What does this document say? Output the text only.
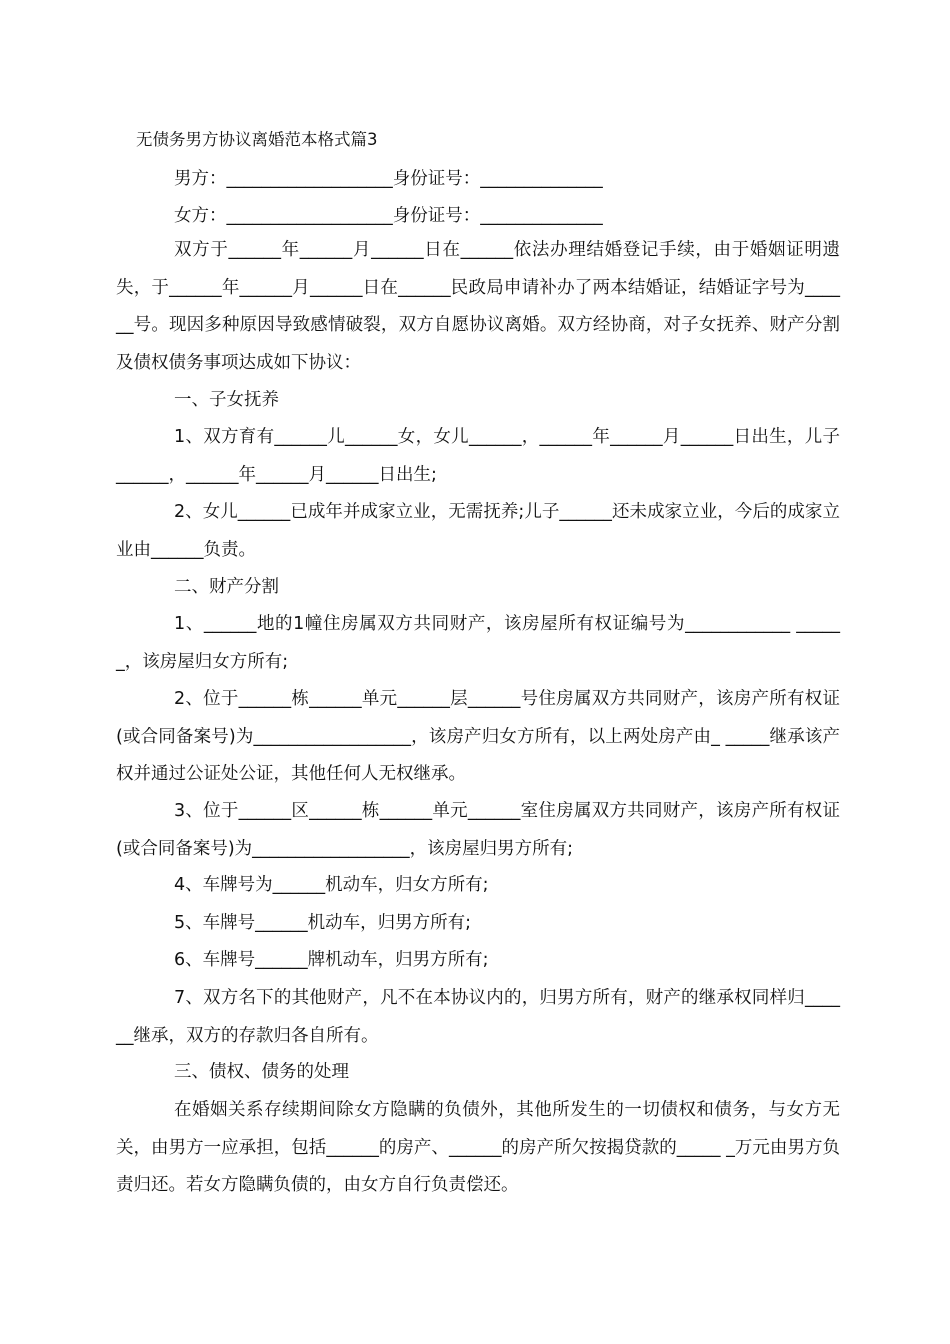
无债务男方协议离婚范本格式篇3
男方：___________________身份证号：______________
女方：___________________身份证号：______________
双方于______年______月______日在______依法办理结婚登记手续，由于婚姻证明遗失，于______年______月______日在______民政局申请补办了两本结婚证，结婚证字号为______号。现因多种原因导致感情破裂，双方自愿协议离婚。双方经协商，对子女抚养、财产分割及债权债务事项达成如下协议：
一、子女抚养
1、双方育有______儿______女，女儿______，______年______月______日出生，儿子______，______年______月______日出生;
2、女儿______已成年并成家立业，无需抚养;儿子______还未成家立业，今后的成家立业由______负责。
二、财产分割
1、______地的1幢住房属双方共同财产，该房屋所有权证编号为____________ ______，该房屋归女方所有;
2、位于______栋______单元______层______号住房属双方共同财产，该房产所有权证(或合同备案号)为__________________，该房产归女方所有，以上两处房产由_ _____继承该产权并通过公证处公证，其他任何人无权继承。
3、位于______区______栋______单元______室住房属双方共同财产，该房产所有权证(或合同备案号)为__________________，该房屋归男方所有;
4、车牌号为______机动车，归女方所有;
5、车牌号______机动车，归男方所有;
6、车牌号______牌机动车，归男方所有;
7、双方名下的其他财产，凡不在本协议内的，归男方所有，财产的继承权同样归______继承，双方的存款归各自所有。
三、债权、债务的处理
在婚姻关系存续期间除女方隐瞒的负债外，其他所发生的一切债权和债务，与女方无关，由男方一应承担，包括______的房产、______的房产所欠按揭贷款的_____ _万元由男方负责归还。若女方隐瞒负债的，由女方自行负责偿还。
